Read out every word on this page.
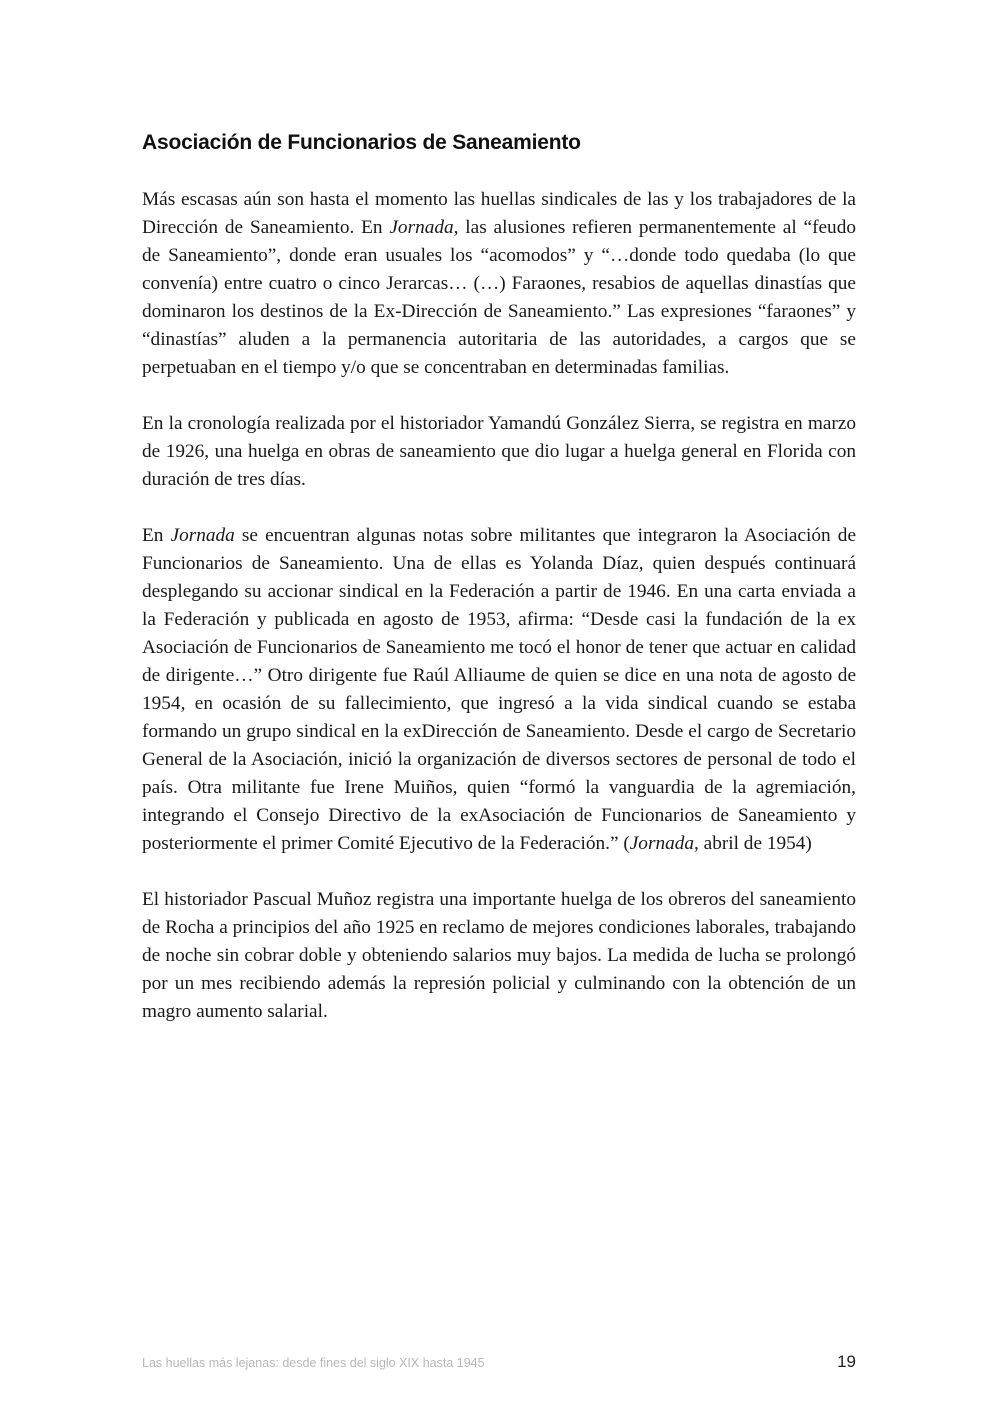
Asociación de Funcionarios de Saneamiento

Más escasas aún son hasta el momento las huellas sindicales de las y los trabajadores de la Dirección de Saneamiento. En Jornada, las alusiones refieren permanentemente al “feudo de Saneamiento”, donde eran usuales los “acomodos” y “…donde todo quedaba (lo que convenía) entre cuatro o cinco Jerarcas… (…) Faraones, resabios de aquellas dinastías que dominaron los destinos de la Ex-Dirección de Saneamiento.” Las expresiones “faraones” y “dinastías” aluden a la permanencia autoritaria de las autoridades, a cargos que se perpetuaban en el tiempo y/o que se concentraban en determinadas familias.

En la cronología realizada por el historiador Yamandú González Sierra, se registra en marzo de 1926, una huelga en obras de saneamiento que dio lugar a huelga general en Florida con duración de tres días.

En Jornada se encuentran algunas notas sobre militantes que integraron la Asociación de Funcionarios de Saneamiento. Una de ellas es Yolanda Díaz, quien después continuará desplegando su accionar sindical en la Federación a partir de 1946. En una carta enviada a la Federación y publicada en agosto de 1953, afirma: “Desde casi la fundación de la ex Asociación de Funcionarios de Saneamiento me tocó el honor de tener que actuar en calidad de dirigente…” Otro dirigente fue Raúl Alliaume de quien se dice en una nota de agosto de 1954, en ocasión de su fallecimiento, que ingresó a la vida sindical cuando se estaba formando un grupo sindical en la exDirección de Saneamiento. Desde el cargo de Secretario General de la Asociación, inició la organización de diversos sectores de personal de todo el país. Otra militante fue Irene Muiños, quien “formó la vanguardia de la agremiación, integrando el Consejo Directivo de la exAsociación de Funcionarios de Saneamiento y posteriormente el primer Comité Ejecutivo de la Federación.” (Jornada, abril de 1954)

El historiador Pascual Muñoz registra una importante huelga de los obreros del saneamiento de Rocha a principios del año 1925 en reclamo de mejores condiciones laborales, trabajando de noche sin cobrar doble y obteniendo salarios muy bajos. La medida de lucha se prolongó por un mes recibiendo además la represión policial y culminando con la obtención de un magro aumento salarial.

Las huellas más lejanas: desde fines del siglo XIX hasta 1945	19
